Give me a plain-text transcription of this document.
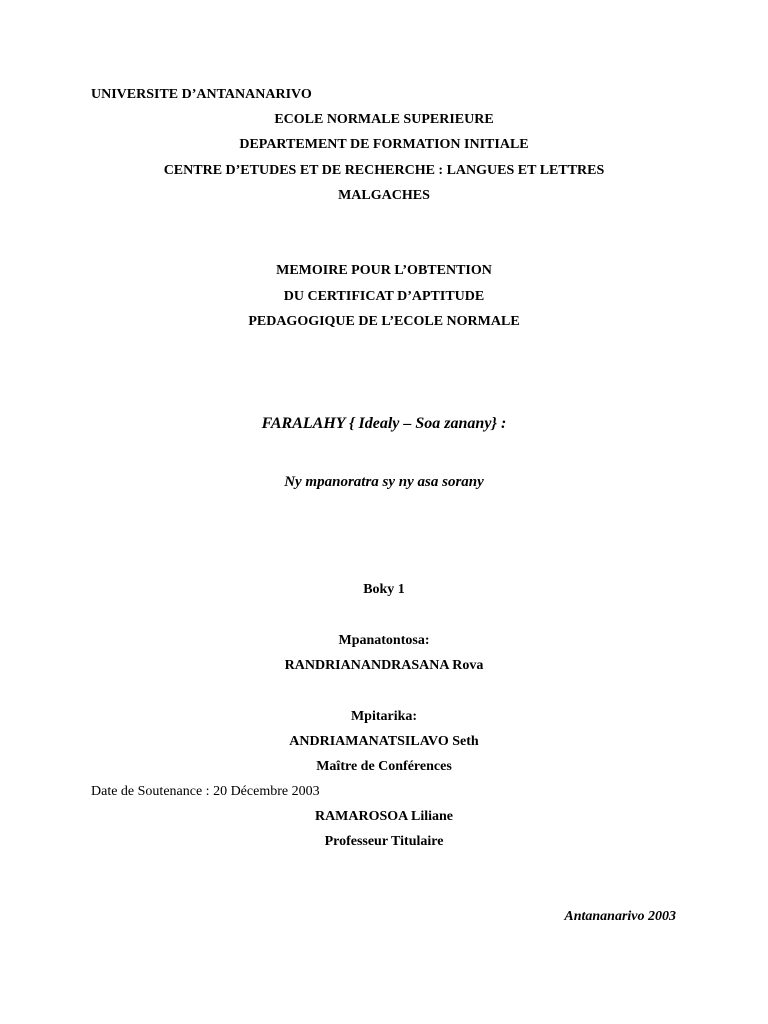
UNIVERSITE D’ANTANANARIVO

ECOLE NORMALE SUPERIEURE

DEPARTEMENT DE FORMATION INITIALE

CENTRE D’ETUDES ET DE RECHERCHE : LANGUES ET LETTRES

MALGACHES

MEMOIRE POUR L’OBTENTION

DU CERTIFICAT D’APTITUDE

PEDAGOGIQUE DE L’ECOLE NORMALE

FARALAHY { Idealy – Soa zanany} :

Ny mpanoratra sy ny asa sorany

Boky 1

Mpanatontosa:

RANDRIANANDRASANA Rova

Mpitarika:

ANDRIAMANATSILAVO Seth

Maître de Conférences

Date de Soutenance : 20 Décembre 2003

RAMAROSOA Liliane

Professeur Titulaire

Antananarivo 2003
